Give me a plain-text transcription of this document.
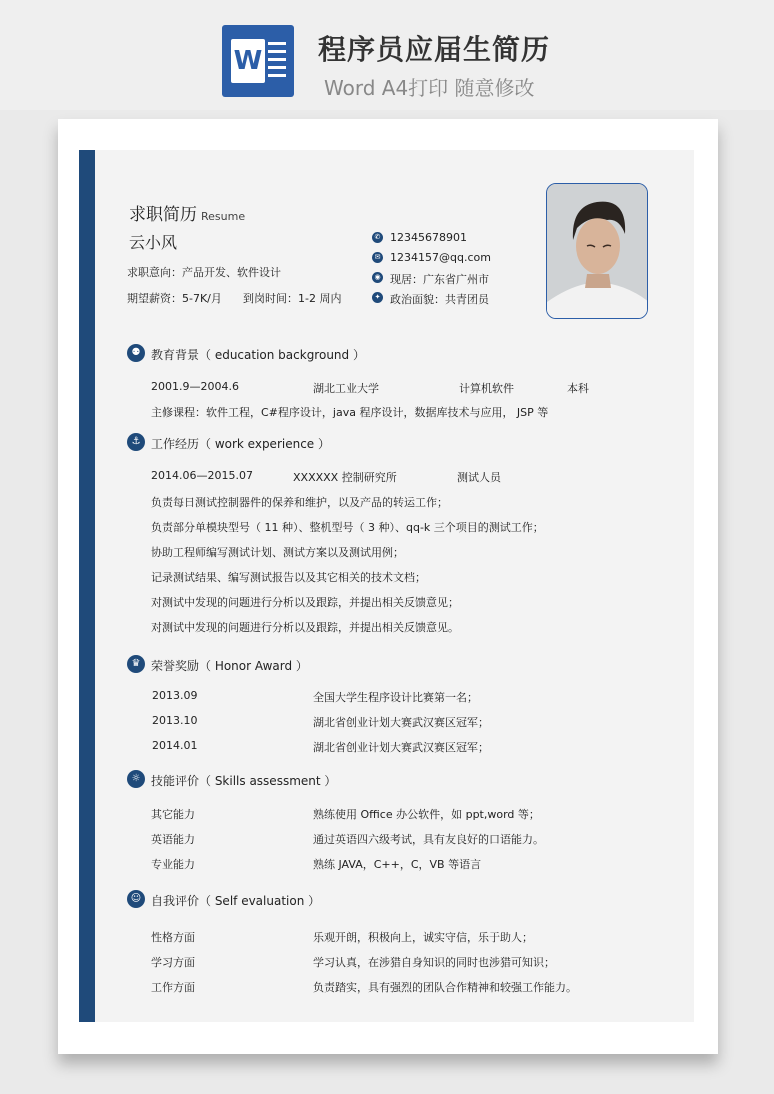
W 程序员应届生简历
Word A4打印 随意修改
求职简历 Resume
云小风
求职意向：产品开发、软件设计
期望薪资：5-7K/月 到岗时间：1-2 周内
✆ 12345678901
✉ 1234157@qq.com
◉ 现居：广东省广州市
✦ 政治面貌：共青团员
⚉ 教育背景（ education background ）
2001.9—2004.6	湖北工业大学	计算机软件	本科
主修课程：软件工程，C#程序设计，java 程序设计，数据库技术与应用， JSP 等
⚓ 工作经历（ work experience ）
2014.06—2015.07	XXXXXX 控制研究所	测试人员
负责每日测试控制器件的保养和维护，以及产品的转运工作；
负责部分单模块型号（ 11 种）、整机型号（ 3 种）、qq-k 三个项目的测试工作；
协助工程师编写测试计划、测试方案以及测试用例；
记录测试结果、编写测试报告以及其它相关的技术文档；
对测试中发现的问题进行分析以及跟踪，并提出相关反馈意见；
对测试中发现的问题进行分析以及跟踪，并提出相关反馈意见。
♛ 荣誉奖励（ Honor Award ）
2013.09	全国大学生程序设计比赛第一名；
2013.10	湖北省创业计划大赛武汉赛区冠军；
2014.01	湖北省创业计划大赛武汉赛区冠军；
☼ 技能评价（ Skills assessment ）
其它能力	熟练使用 Office 办公软件，如 ppt,word 等；
英语能力	通过英语四六级考试，具有友良好的口语能力。
专业能力	熟练 JAVA，C++，C，VB 等语言
☺ 自我评价（ Self evaluation ）
性格方面	乐观开朗，积极向上，诚实守信，乐于助人；
学习方面	学习认真，在涉猎自身知识的同时也涉猎可知识；
工作方面	负责踏实，具有强烈的团队合作精神和较强工作能力。
